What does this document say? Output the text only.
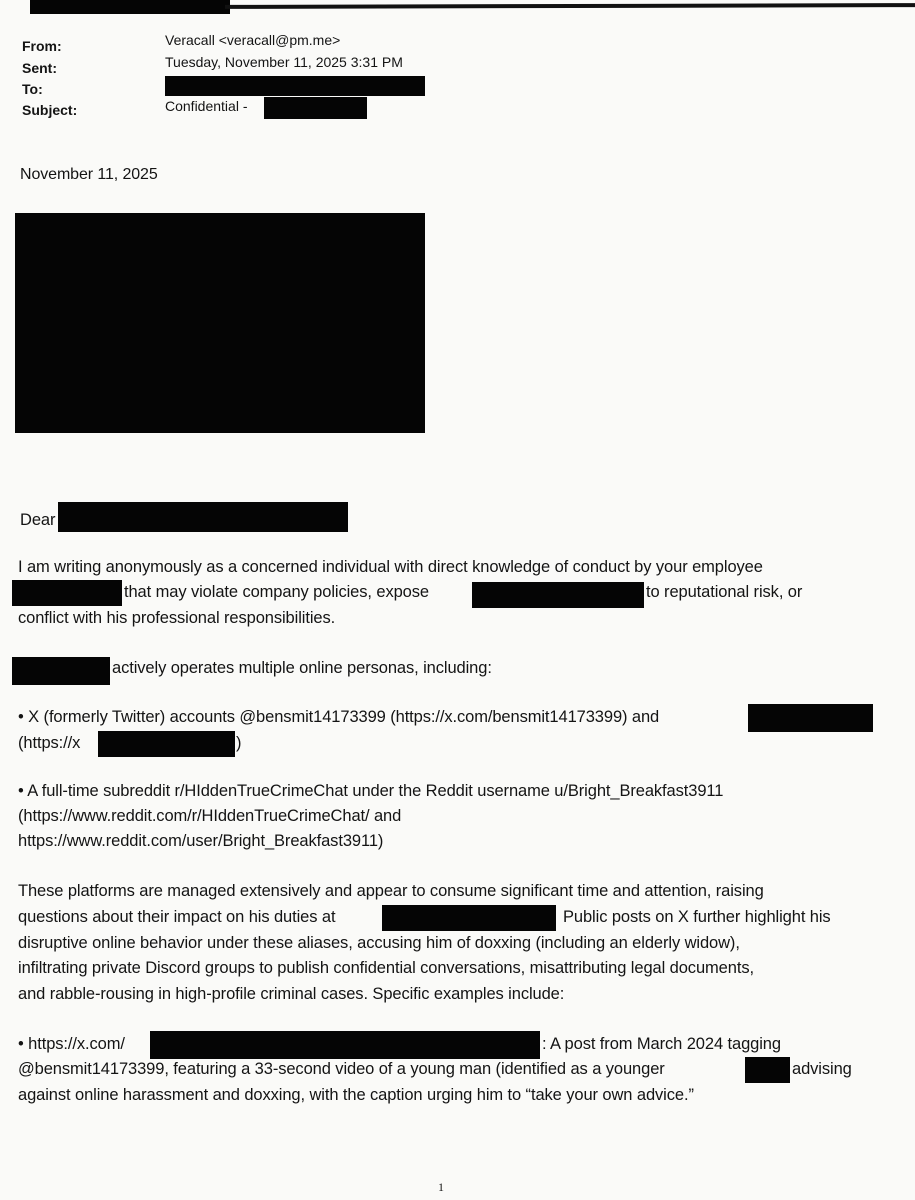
From:	Veracall <veracall@pm.me>
Sent:	Tuesday, November 11, 2025 3:31 PM
To:
Subject:	Confidential -
November 11, 2025
Dear
I am writing anonymously as a concerned individual with direct knowledge of conduct by your employee
that may violate company policies, expose	to reputational risk, or
conflict with his professional responsibilities.
actively operates multiple online personas, including:
• X (formerly Twitter) accounts @bensmit14173399 (https://x.com/bensmit14173399) and
(https://x	)
• A full-time subreddit r/HIddenTrueCrimeChat under the Reddit username u/Bright_Breakfast3911
(https://www.reddit.com/r/HIddenTrueCrimeChat/ and
https://www.reddit.com/user/Bright_Breakfast3911)
These platforms are managed extensively and appear to consume significant time and attention, raising
questions about their impact on his duties at	Public posts on X further highlight his
disruptive online behavior under these aliases, accusing him of doxxing (including an elderly widow),
infiltrating private Discord groups to publish confidential conversations, misattributing legal documents,
and rabble-rousing in high-profile criminal cases. Specific examples include:
• https://x.com/	: A post from March 2024 tagging
@bensmit14173399, featuring a 33-second video of a young man (identified as a younger	advising
against online harassment and doxxing, with the caption urging him to “take your own advice.”
1
